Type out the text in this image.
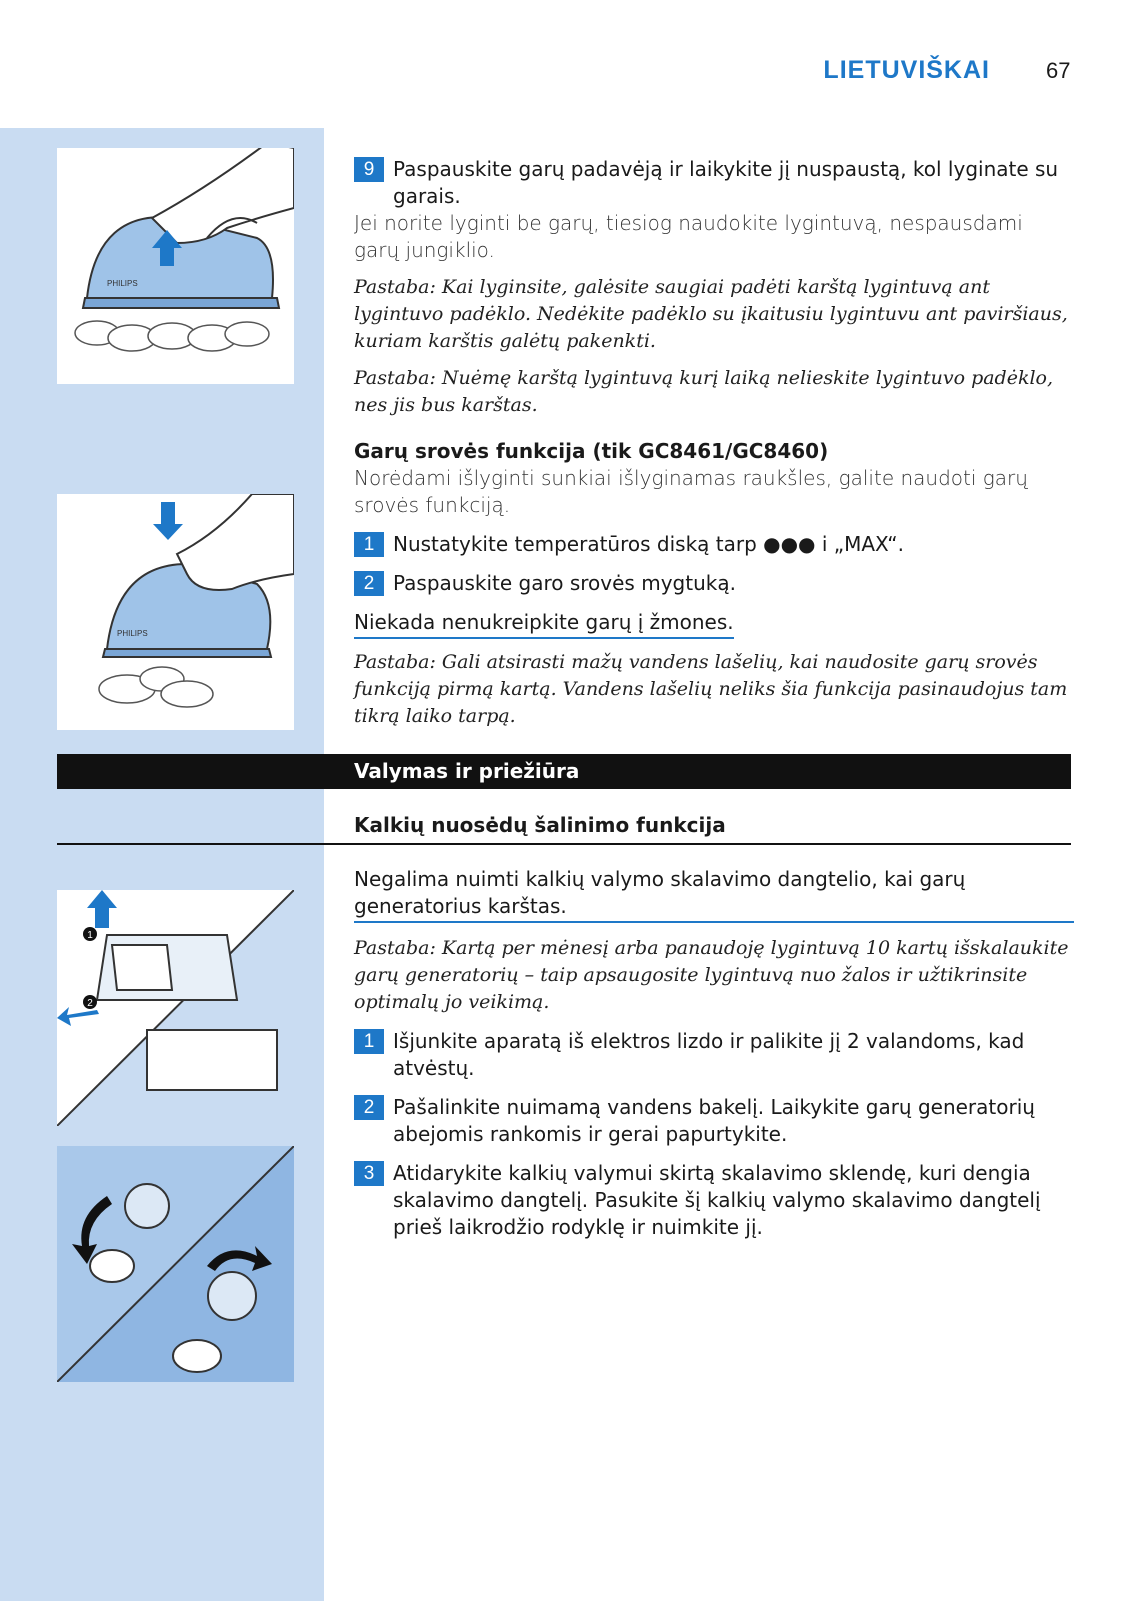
LIETUVIŠKAI	67
PHILIPS
PHILIPS
1
2
9 Paspauskite garų padavėją ir laikykite jį nuspaustą, kol lyginate su garais.

Jei norite lyginti be garų, tiesiog naudokite lygintuvą, nespausdami garų jungiklio.

Pastaba: Kai lyginsite, galėsite saugiai padėti karštą lygintuvą ant lygintuvo padėklo. Nedėkite padėklo su įkaitusiu lygintuvu ant paviršiaus, kuriam karštis galėtų pakenkti.

Pastaba: Nuėmę karštą lygintuvą kurį laiką nelieskite lygintuvo padėklo, nes jis bus karštas.

Garų srovės funkcija (tik GC8461/GC8460)

Norėdami išlyginti sunkiai išlyginamas raukšles, galite naudoti garų srovės funkciją.

1 Nustatykite temperatūros diską tarp ●●● i „MAX“.

2 Paspauskite garo srovės mygtuką.

Niekada nenukreipkite garų į žmones.

Pastaba: Gali atsirasti mažų vandens lašelių, kai naudosite garų srovės funkciją pirmą kartą. Vandens lašelių neliks šia funkcija pasinaudojus tam tikrą laiko tarpą.

Valymas ir priežiūra

Kalkių nuosėdų šalinimo funkcija

Negalima nuimti kalkių valymo skalavimo dangtelio, kai garų generatorius karštas.

Pastaba: Kartą per mėnesį arba panaudoję lygintuvą 10 kartų išskalaukite garų generatorių – taip apsaugosite lygintuvą nuo žalos ir užtikrinsite optimalų jo veikimą.

1 Išjunkite aparatą iš elektros lizdo ir palikite jį 2 valandoms, kad atvėstų.

2 Pašalinkite nuimamą vandens bakelį. Laikykite garų generatorių abejomis rankomis ir gerai papurtykite.

3 Atidarykite kalkių valymui skirtą skalavimo sklendę, kuri dengia skalavimo dangtelį. Pasukite šį kalkių valymo skalavimo dangtelį prieš laikrodžio rodyklę ir nuimkite jį.
